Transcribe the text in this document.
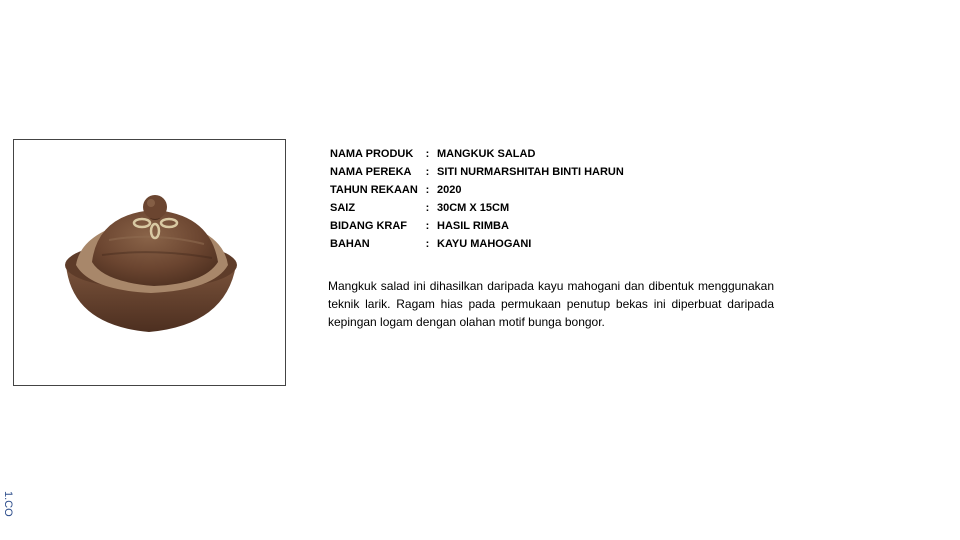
NAMA PRODUK	:	MANGKUK SALAD
NAMA PEREKA	:	SITI NURMARSHITAH BINTI HARUN
TAHUN REKAAN	:	2020
SAIZ	:	30CM X 15CM
BIDANG KRAF	:	HASIL RIMBA
BAHAN	:	KAYU MAHOGANI

Mangkuk salad ini dihasilkan daripada kayu mahogani dan dibentuk menggunakan teknik larik. Ragam hias pada permukaan penutup bekas ini diperbuat daripada kepingan logam dengan olahan motif bunga bongor.

1.CO
